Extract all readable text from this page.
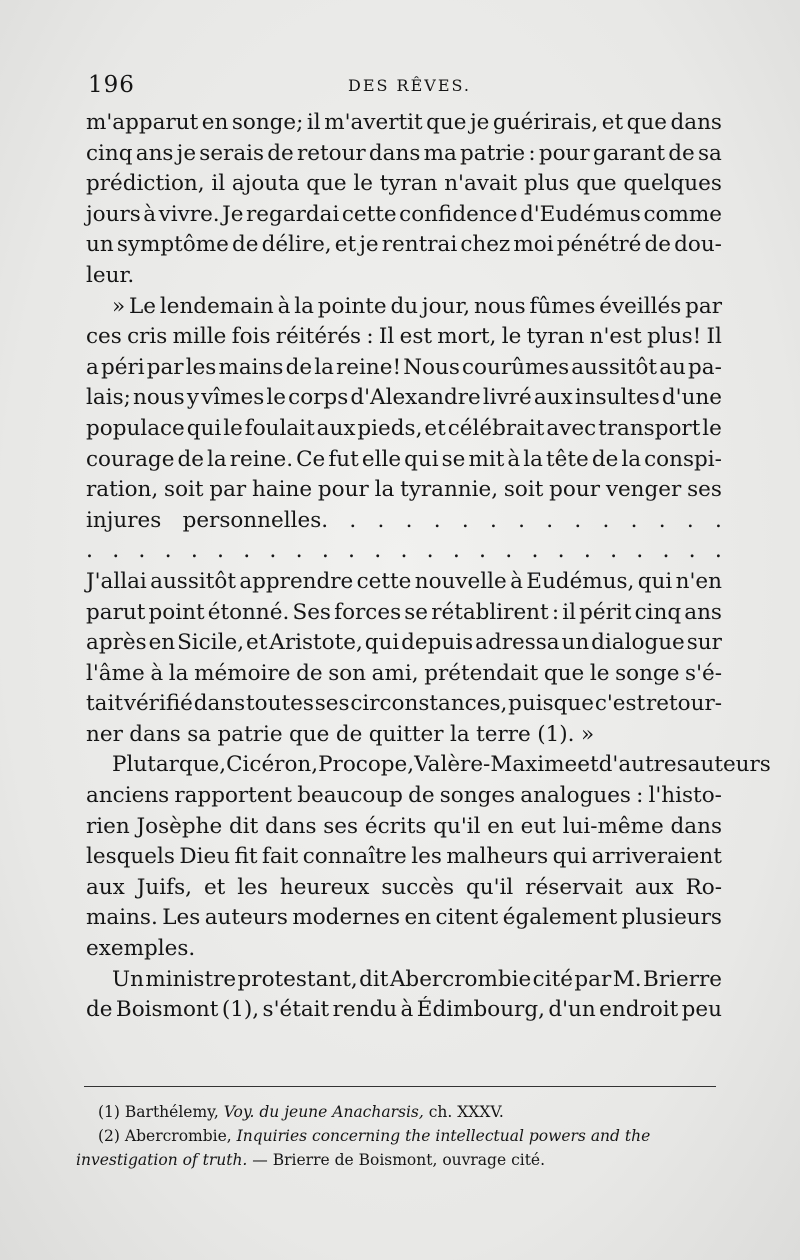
196	DES RÊVES.
m'apparut en songe; il m'avertit que je guérirais, et que dans
cinq ans je serais de retour dans ma patrie : pour garant de sa
prédiction, il ajouta que le tyran n'avait plus que quelques
jours à vivre. Je regardai cette confidence d'Eudémus comme
un symptôme de délire, et je rentrai chez moi pénétré de dou-
leur.
» Le lendemain à la pointe du jour, nous fûmes éveillés par
ces cris mille fois réitérés : Il est mort, le tyran n'est plus! Il
a péri par les mains de la reine! Nous courûmes aussitôt au pa-
lais; nous y vîmes le corps d'Alexandre livré aux insultes d'une
populace qui le foulait aux pieds, et célébrait avec transport le
courage de la reine. Ce fut elle qui se mit à la tête de la conspi-
ration, soit par haine pour la tyrannie, soit pour venger ses
injures personnelles. . . . . . . . . . . . . . .
. . . . . . . . . . . . . . . . . . . . . . . . .
J'allai aussitôt apprendre cette nouvelle à Eudémus, qui n'en
parut point étonné. Ses forces se rétablirent : il périt cinq ans
après en Sicile, et Aristote, qui depuis adressa un dialogue sur
l'âme à la mémoire de son ami, prétendait que le songe s'é-
tait vérifié dans toutes ses circonstances, puisque c'est retour-
ner dans sa patrie que de quitter la terre (1). »
Plutarque,Cicéron,Procope,Valère-Maxime et d'autres auteurs
anciens rapportent beaucoup de songes analogues : l'histo-
rien Josèphe dit dans ses écrits qu'il en eut lui-même dans
lesquels Dieu fit fait connaître les malheurs qui arriveraient
aux Juifs, et les heureux succès qu'il réservait aux Ro-
mains. Les auteurs modernes en citent également plusieurs
exemples.
Un ministre protestant, dit Abercrombie cité par M. Brierre
de Boismont (1), s'était rendu à Édimbourg, d'un endroit peu
(1) Barthélemy, Voy. du jeune Anacharsis, ch. XXXV.
(2) Abercrombie, Inquiries concerning the intellectual powers and the
investigation of truth. — Brierre de Boismont, ouvrage cité.
